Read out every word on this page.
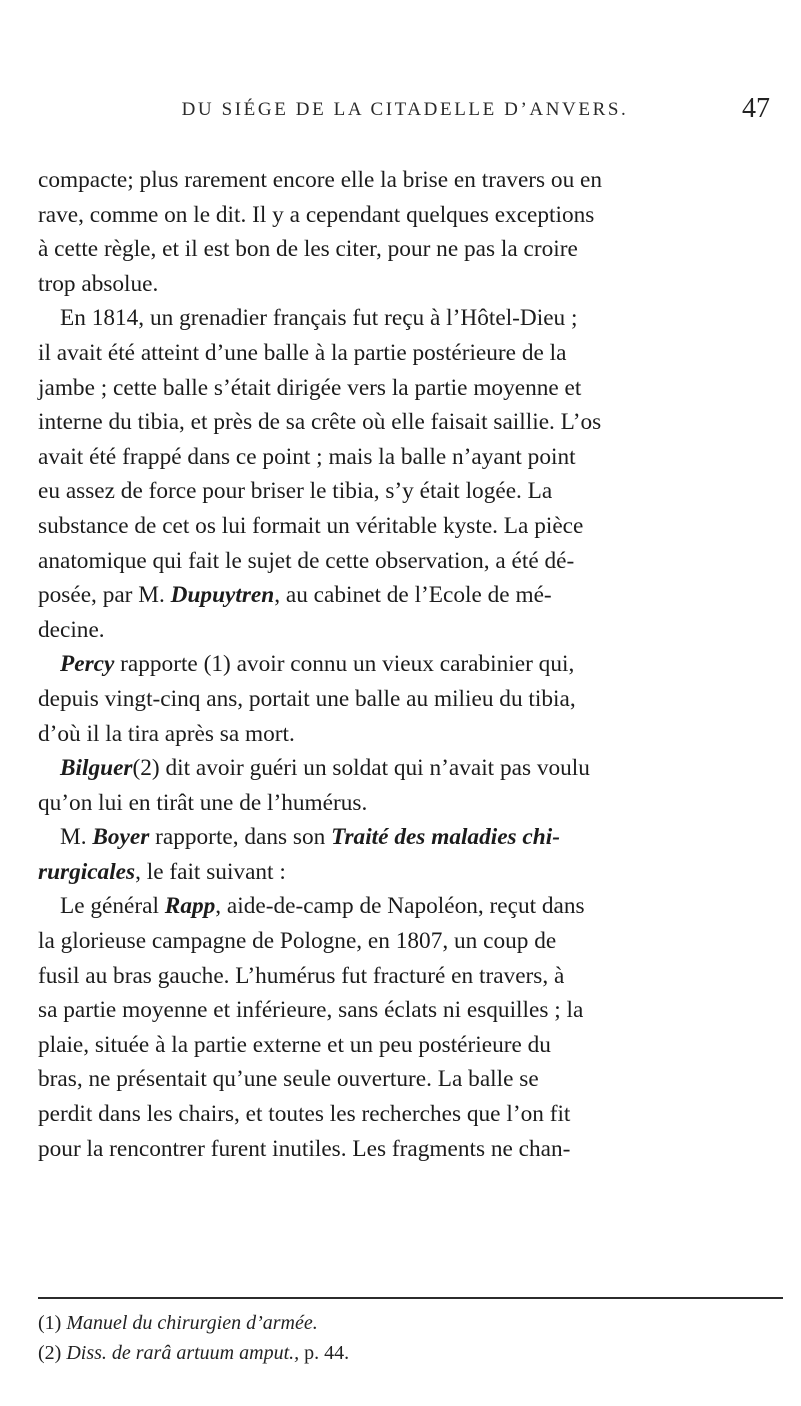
DU SIÉGE DE LA CITADELLE D’ANVERS.	47
compacte; plus rarement encore elle la brise en travers ou en
rave, comme on le dit. Il y a cependant quelques exceptions
à cette règle, et il est bon de les citer, pour ne pas la croire
trop absolue.
En 1814, un grenadier français fut reçu à l’Hôtel-Dieu ;
il avait été atteint d’une balle à la partie postérieure de la
jambe ; cette balle s’était dirigée vers la partie moyenne et
interne du tibia, et près de sa crête où elle faisait saillie. L’os
avait été frappé dans ce point ; mais la balle n’ayant point
eu assez de force pour briser le tibia, s’y était logée. La
substance de cet os lui formait un véritable kyste. La pièce
anatomique qui fait le sujet de cette observation, a été dé-
posée, par M. Dupuytren, au cabinet de l’Ecole de mé-
decine.
Percy rapporte (1) avoir connu un vieux carabinier qui,
depuis vingt-cinq ans, portait une balle au milieu du tibia,
d’où il la tira après sa mort.
Bilguer(2) dit avoir guéri un soldat qui n’avait pas voulu
qu’on lui en tirât une de l’humérus.
M. Boyer rapporte, dans son Traité des maladies chi-
rurgicales, le fait suivant :
Le général Rapp, aide-de-camp de Napoléon, reçut dans
la glorieuse campagne de Pologne, en 1807, un coup de
fusil au bras gauche. L’humérus fut fracturé en travers, à
sa partie moyenne et inférieure, sans éclats ni esquilles ; la
plaie, située à la partie externe et un peu postérieure du
bras, ne présentait qu’une seule ouverture. La balle se
perdit dans les chairs, et toutes les recherches que l’on fit
pour la rencontrer furent inutiles. Les fragments ne chan-
(1) Manuel du chirurgien d’armée.
(2) Diss. de rarâ artuum amput., p. 44.
